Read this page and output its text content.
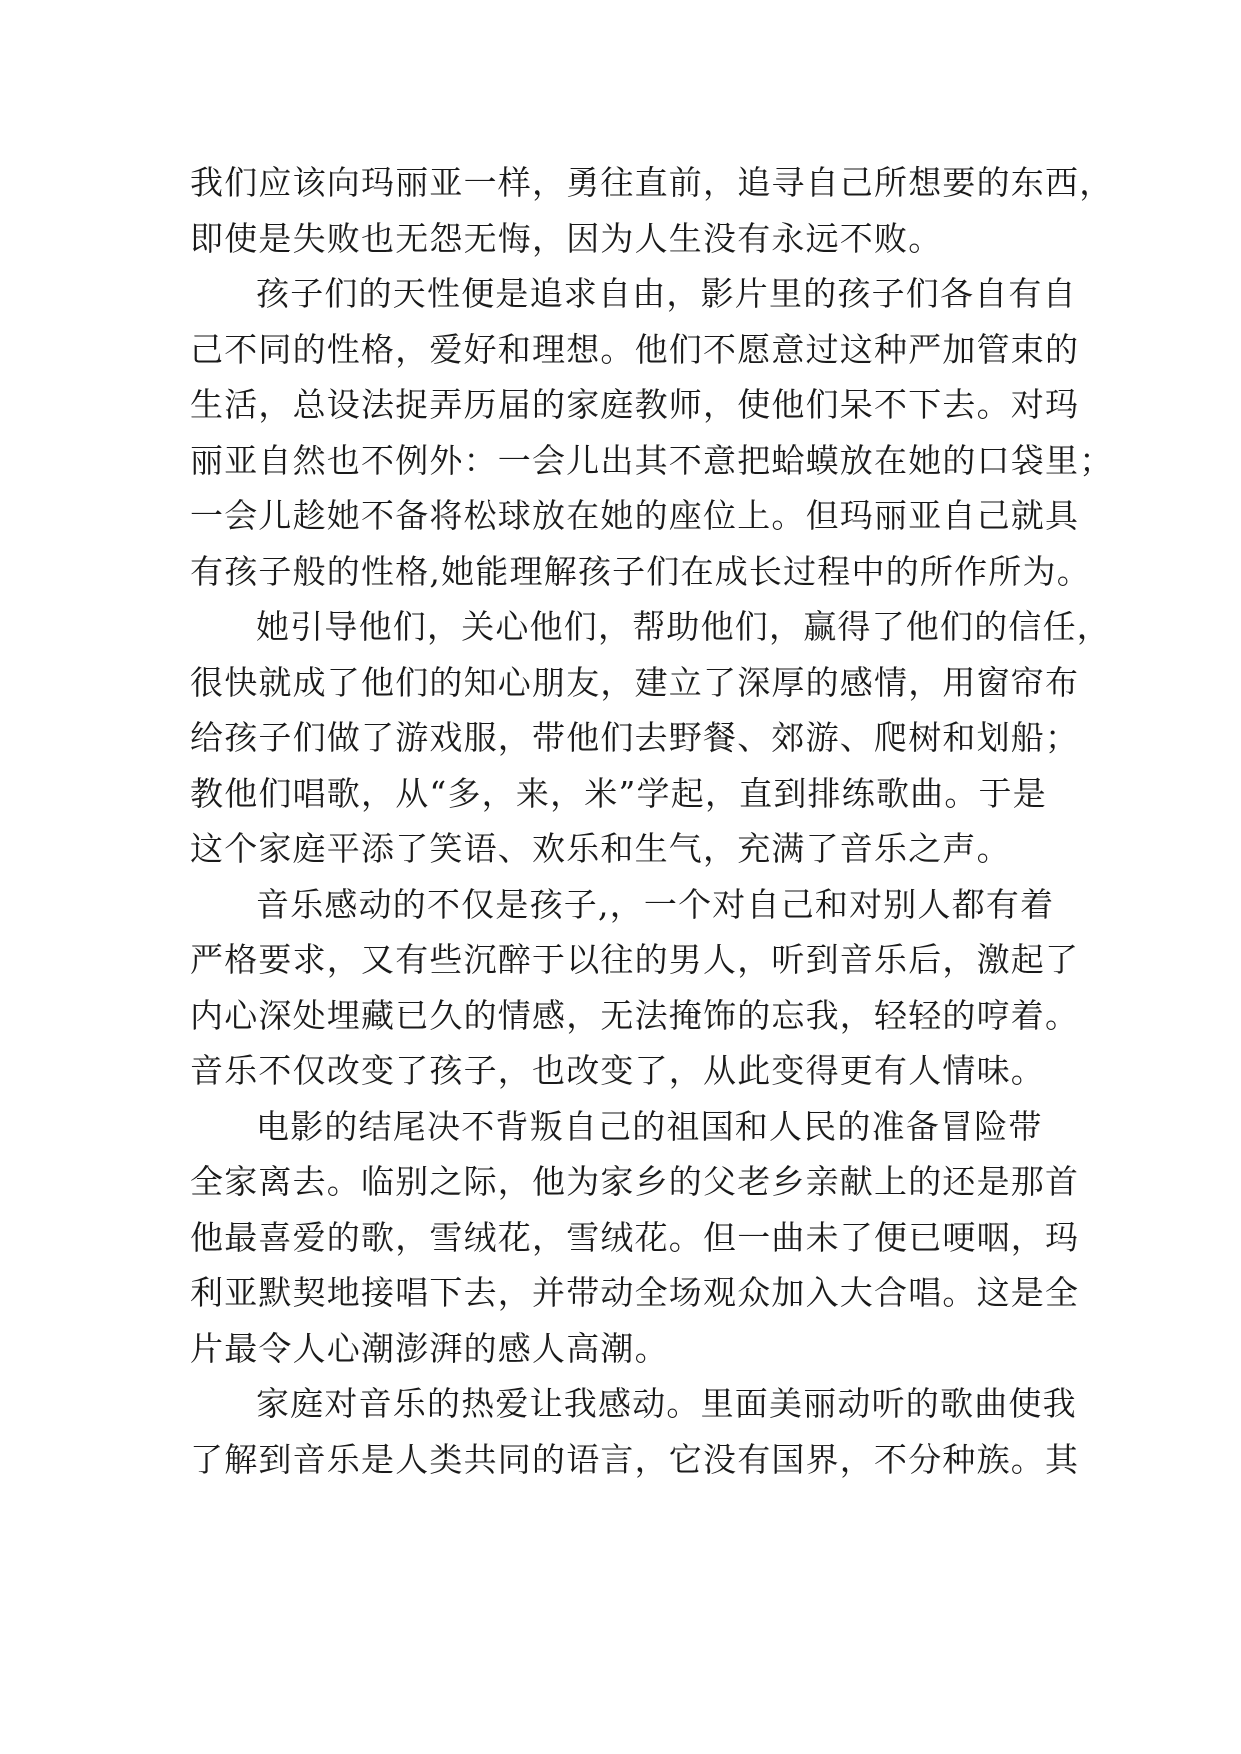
我们应该向玛丽亚一样，勇往直前，追寻自己所想要的东西，
即使是失败也无怨无悔，因为人生没有永远不败。
孩子们的天性便是追求自由，影片里的孩子们各自有自
己不同的性格，爱好和理想。他们不愿意过这种严加管束的
生活，总设法捉弄历届的家庭教师，使他们呆不下去。对玛
丽亚自然也不例外：一会儿出其不意把蛤蟆放在她的口袋里；
一会儿趁她不备将松球放在她的座位上。但玛丽亚自己就具
有孩子般的性格,她能理解孩子们在成长过程中的所作所为。
她引导他们，关心他们，帮助他们，赢得了他们的信任，
很快就成了他们的知心朋友，建立了深厚的感情，用窗帘布
给孩子们做了游戏服，带他们去野餐、郊游、爬树和划船；
教他们唱歌，从“多，来，米”学起，直到排练歌曲。于是
这个家庭平添了笑语、欢乐和生气，充满了音乐之声。
音乐感动的不仅是孩子,，一个对自己和对别人都有着
严格要求，又有些沉醉于以往的男人，听到音乐后，激起了
内心深处埋藏已久的情感，无法掩饰的忘我，轻轻的哼着。
音乐不仅改变了孩子，也改变了，从此变得更有人情味。
电影的结尾决不背叛自己的祖国和人民的准备冒险带
全家离去。临别之际，他为家乡的父老乡亲献上的还是那首
他最喜爱的歌，雪绒花，雪绒花。但一曲未了便已哽咽，玛
利亚默契地接唱下去，并带动全场观众加入大合唱。这是全
片最令人心潮澎湃的感人高潮。
家庭对音乐的热爱让我感动。里面美丽动听的歌曲使我
了解到音乐是人类共同的语言，它没有国界，不分种族。其
